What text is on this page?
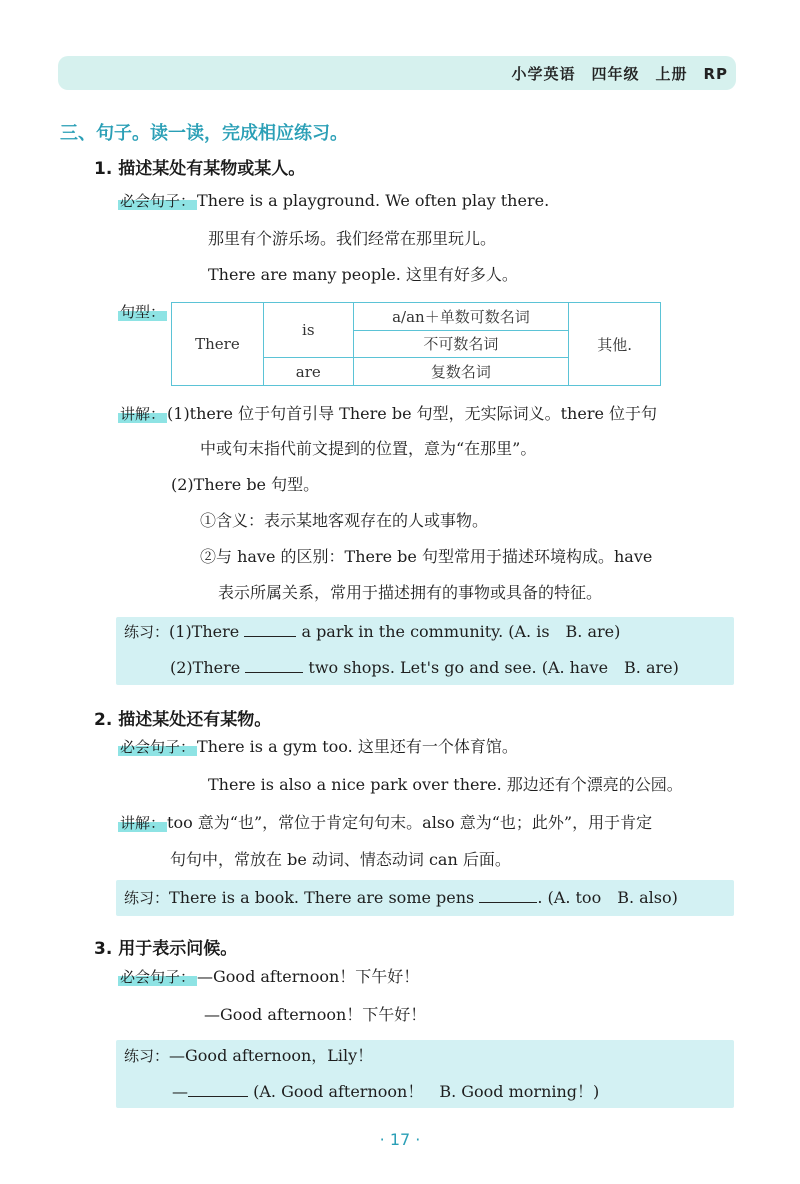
小学英语　四年级　上册　RP
三、句子。读一读，完成相应练习。
1. 描述某处有某物或某人。
必会句子： There is a playground. We often play there.
那里有个游乐场。我们经常在那里玩儿。
There are many people. 这里有好多人。
句型：
There	is	a/an＋单数可数名词	其他.
		不可数名词	
	are	复数名词	
讲解： (1)there 位于句首引导 There be 句型，无实际词义。there 位于句
中或句末指代前文提到的位置，意为“在那里”。
(2)There be 句型。
①含义：表示某地客观存在的人或事物。
②与 have 的区别：There be 句型常用于描述环境构成。have
表示所属关系，常用于描述拥有的事物或具备的特征。
练习：(1)There	a park in the community. (A. is　B. are)
(2)There	two shops. Let's go and see. (A. have　B. are)
2. 描述某处还有某物。
必会句子： There is a gym too. 这里还有一个体育馆。
There is also a nice park over there. 那边还有个漂亮的公园。
讲解： too 意为“也”，常位于肯定句句末。also 意为“也；此外”，用于肯定
句句中，常放在 be 动词、情态动词 can 后面。
练习：There is a book. There are some pens	. (A. too　B. also)
3. 用于表示问候。
必会句子： —Good afternoon！下午好！
—Good afternoon！下午好！
练习：—Good afternoon，Lily！
—	(A. Good afternoon！　B. Good morning！)
· 17 ·
